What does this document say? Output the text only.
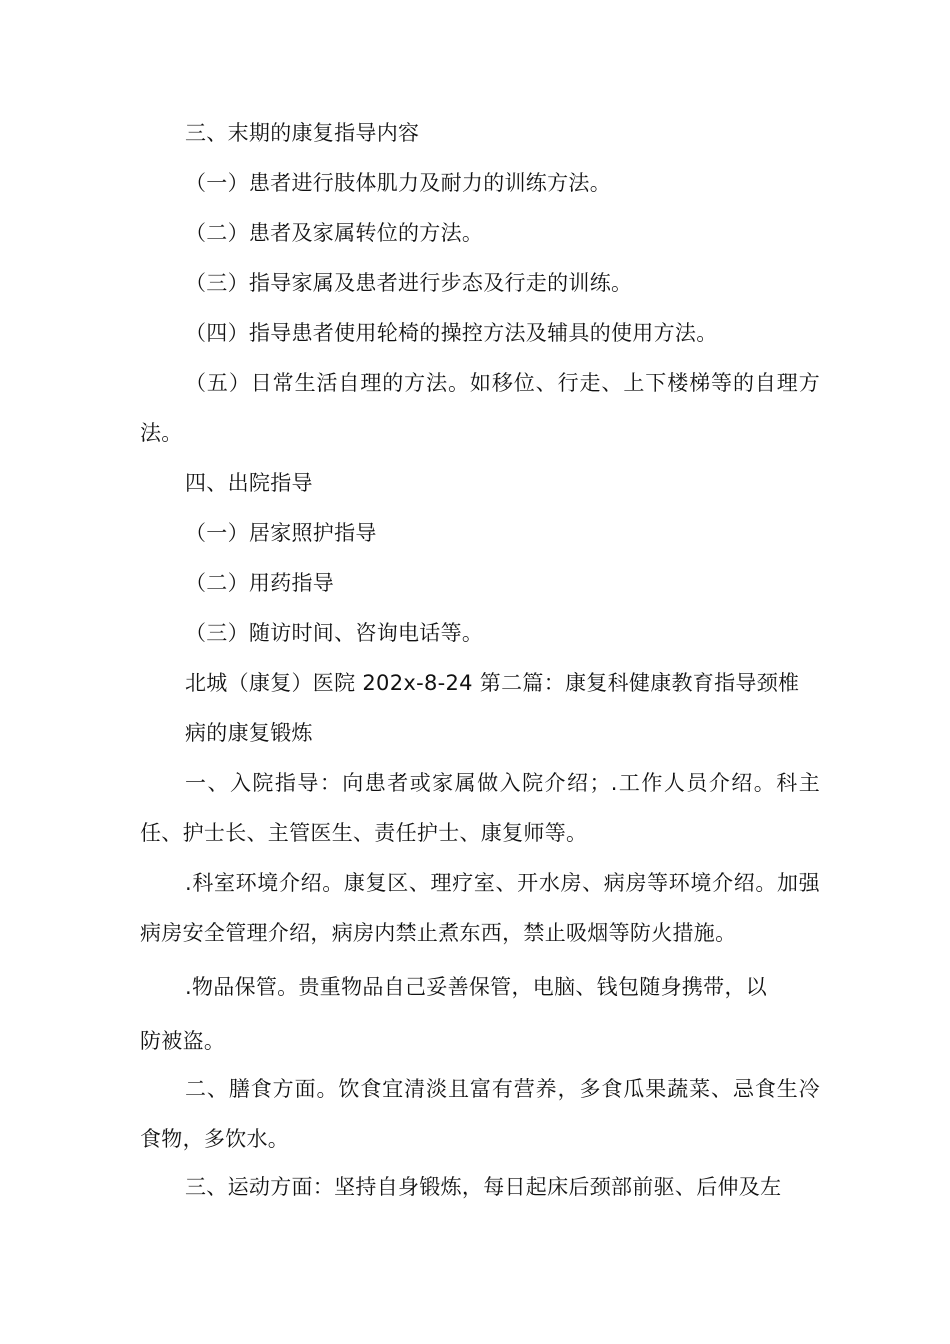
三、末期的康复指导内容

（一）患者进行肢体肌力及耐力的训练方法。

（二）患者及家属转位的方法。

（三）指导家属及患者进行步态及行走的训练。

（四）指导患者使用轮椅的操控方法及辅具的使用方法。

（五）日常生活自理的方法。如移位、行走、上下楼梯等的自理方法。

四、出院指导

（一）居家照护指导

（二）用药指导

（三）随访时间、咨询电话等。

北城（康复）医院 202x-8-24 第二篇：康复科健康教育指导颈椎

病的康复锻炼

一、入院指导：向患者或家属做入院介绍；.工作人员介绍。科主任、护士长、主管医生、责任护士、康复师等。

.科室环境介绍。康复区、理疗室、开水房、病房等环境介绍。加强病房安全管理介绍，病房内禁止煮东西，禁止吸烟等防火措施。

.物品保管。贵重物品自己妥善保管，电脑、钱包随身携带，以

防被盗。

二、膳食方面。饮食宜清淡且富有营养，多食瓜果蔬菜、忌食生冷食物，多饮水。

三、运动方面：坚持自身锻炼，每日起床后颈部前驱、后伸及左
